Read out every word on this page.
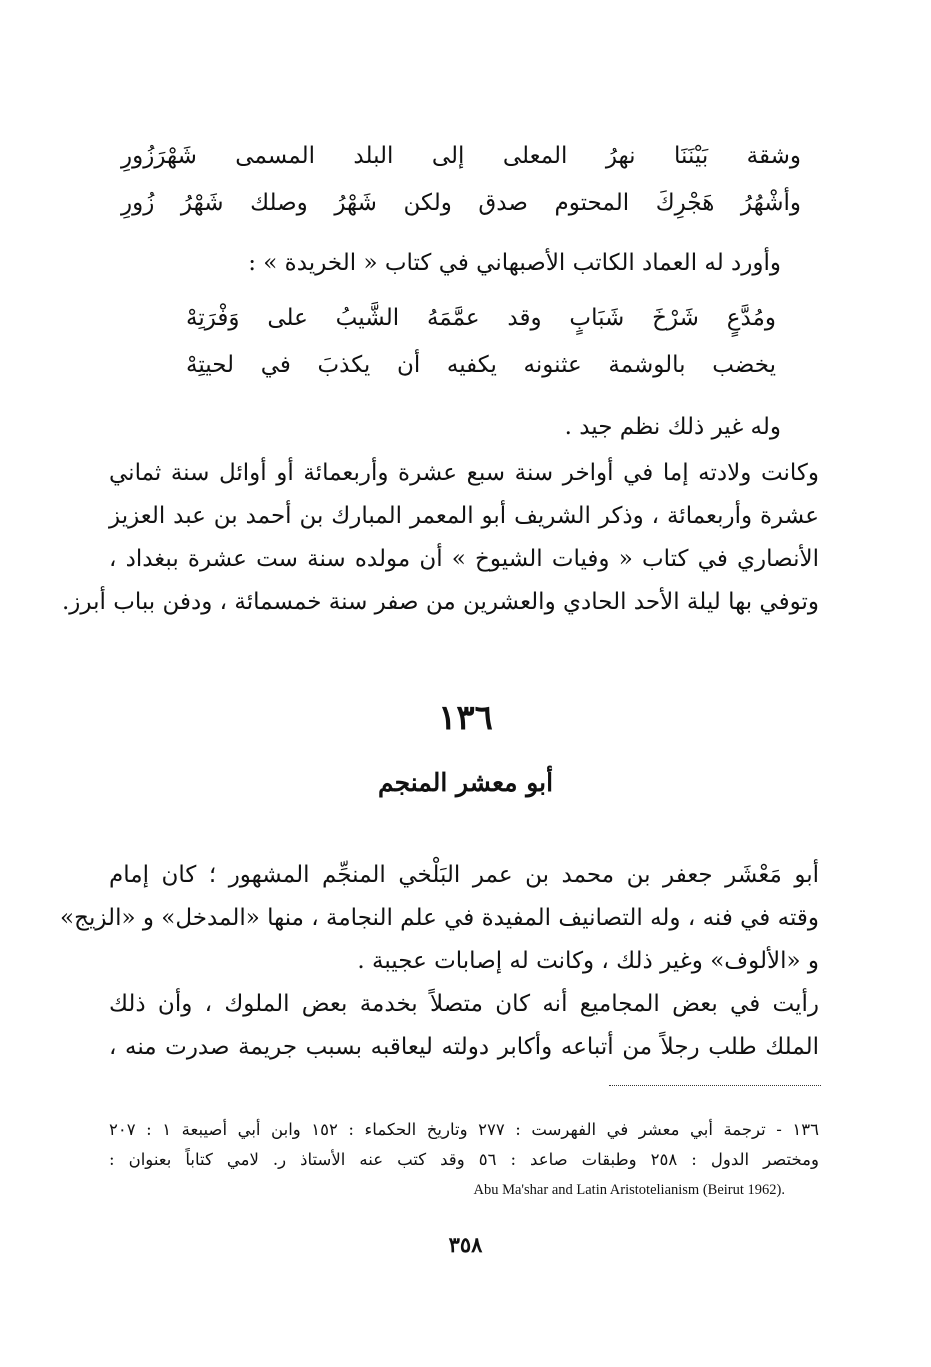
وشقة بَيْنَنَا نهرُ المعلى إلى البلد المسمى شَهْرَزُورِ
وأشْهُرُ هَجْرِكَ المحتوم صدق ولكن شَهْرُ وصلك شَهْرُ زُورِ
وأورد له العماد الكاتب الأصبهاني في كتاب « الخريدة » :
ومُدَّعٍ شَرْخَ شَبَابٍ وقد عمَّمَهُ الشَّيبُ على وَفْرَتِهْ
يخضب بالوشمة عثنونه يكفيه أن يكذبَ في لحيتِهْ
وله غير ذلك نظم جيد .
وكانت ولادته إما في أواخر سنة سبع عشرة وأربعمائة أو أوائل سنة ثماني
عشرة وأربعمائة ، وذكر الشريف أبو المعمر المبارك بن أحمد بن عبد العزيز
الأنصاري في كتاب « وفيات الشيوخ » أن مولده سنة ست عشرة ببغداد ،
وتوفي بها ليلة الأحد الحادي والعشرين من صفر سنة خمسمائة ، ودفن بباب أبرز.
١٣٦
أبو معشر المنجم
أبو مَعْشَر جعفر بن محمد بن عمر البَلْخي المنجِّم المشهور ؛ كان إمام
وقته في فنه ، وله التصانيف المفيدة في علم النجامة ، منها «المدخل» و «الزيج»
و «الألوف» وغير ذلك ، وكانت له إصابات عجيبة .
رأيت في بعض المجاميع أنه كان متصلاً بخدمة بعض الملوك ، وأن ذلك
الملك طلب رجلاً من أتباعه وأكابر دولته ليعاقبه بسبب جريمة صدرت منه ،
١٣٦ - ترجمة أبي معشر في الفهرست : ٢٧٧ وتاريخ الحكماء : ١٥٢ وابن أبي أصيبعة ١ : ٢٠٧
ومختصر الدول : ٢٥٨ وطبقات صاعد : ٥٦ وقد كتب عنه الأستاذ ر. لامي كتاباً بعنوان :
Abu Ma'shar and Latin Aristotelianism (Beirut 1962).
٣٥٨
